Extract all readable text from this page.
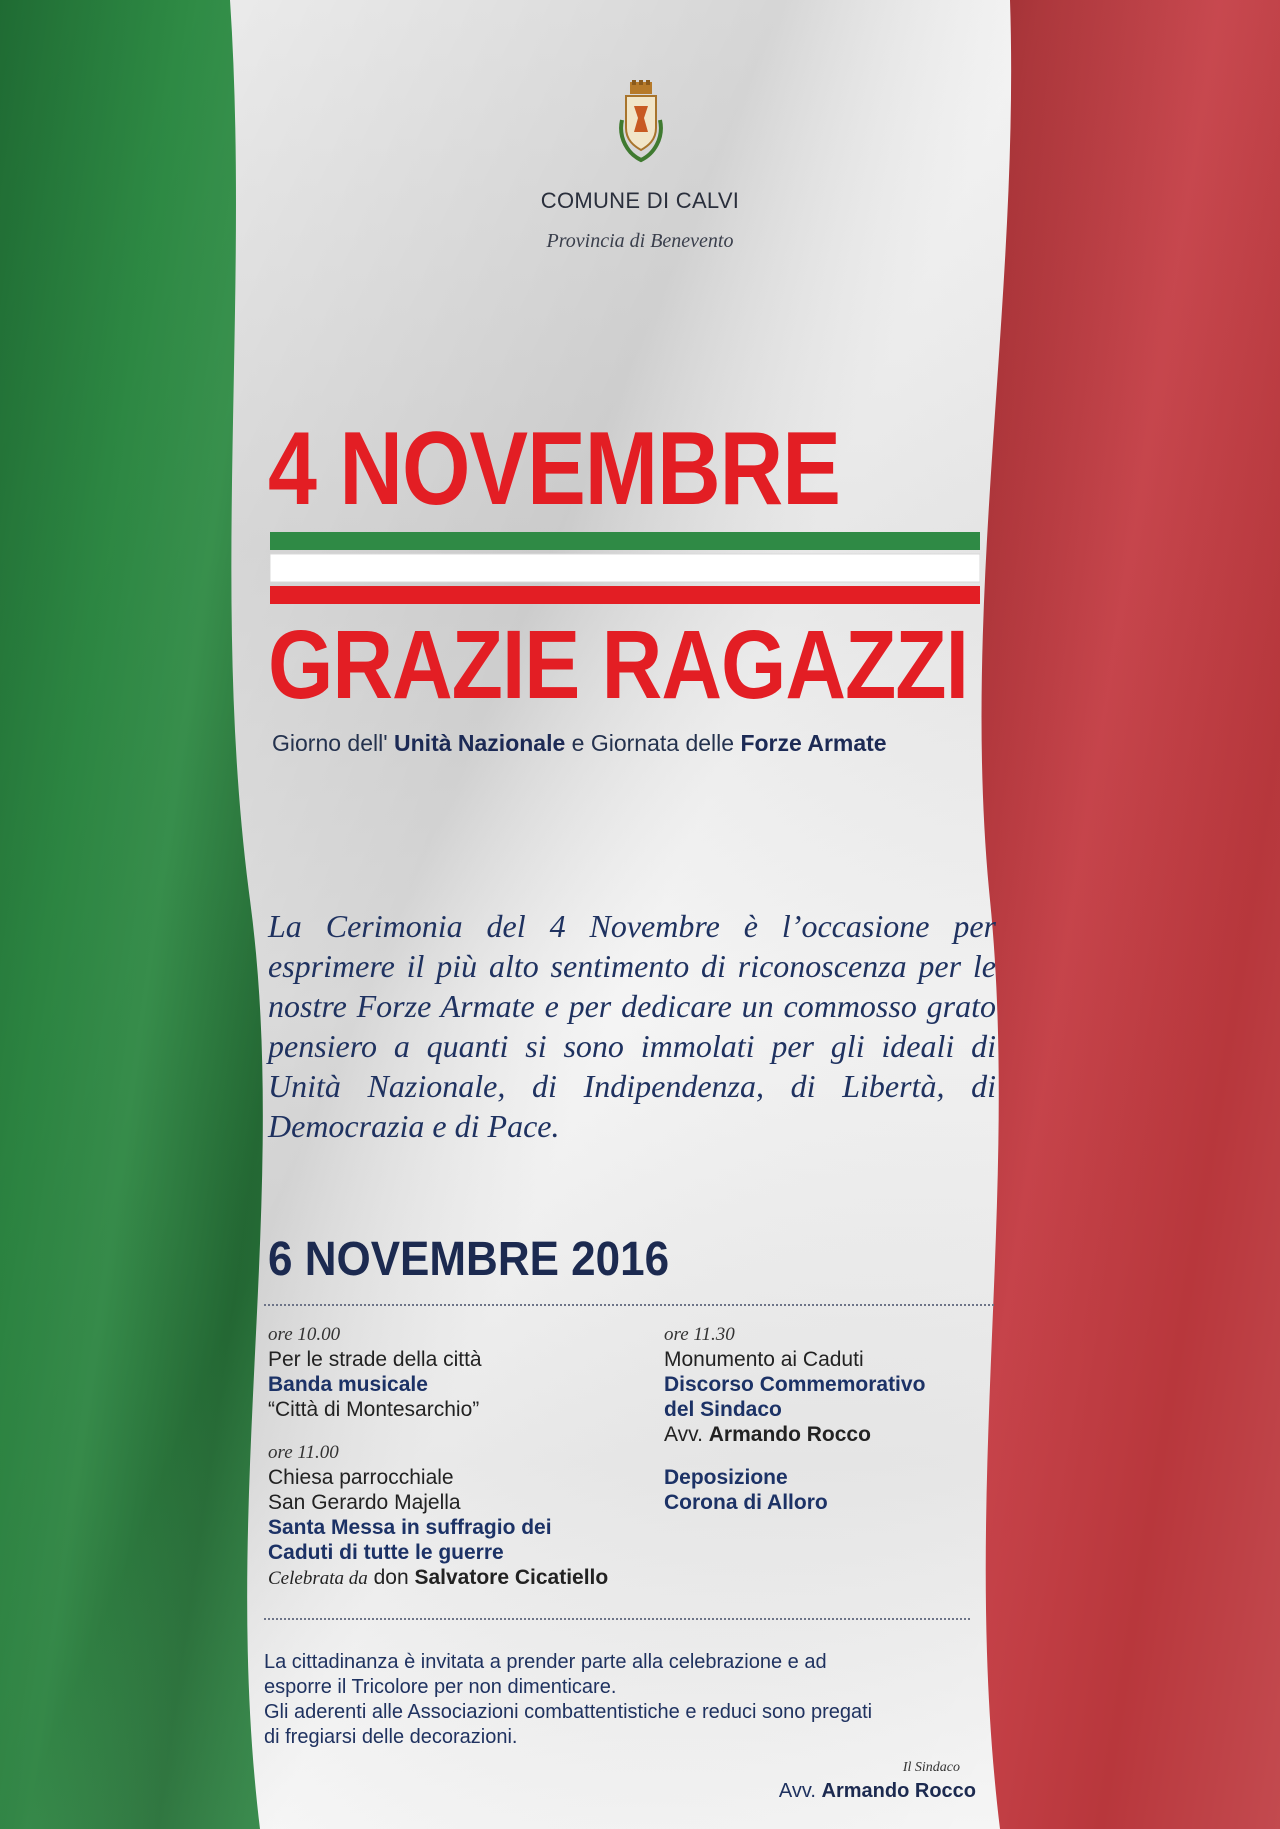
COMUNE DI CALVI
Provincia di Benevento
4 NOVEMBRE
GRAZIE RAGAZZI
Giorno dell' Unità Nazionale e Giornata delle Forze Armate
La Cerimonia del 4 Novembre è l’occasione per esprimere il più alto sentimento di riconoscenza per le nostre Forze Armate e per dedicare un commosso grato pensiero a quanti si sono immolati per gli ideali di Unità Nazionale, di Indipendenza, di Libertà, di Democrazia e di Pace.
6 NOVEMBRE 2016
ore 10.00
Per le strade della città
Banda musicale
“Città di Montesarchio”
ore 11.00
Chiesa parrocchiale
San Gerardo Majella
Santa Messa in suffragio dei
Caduti di tutte le guerre
Celebrata da don Salvatore Cicatiello
ore 11.30
Monumento ai Caduti
Discorso Commemorativo
del Sindaco
Avv. Armando Rocco
Deposizione
Corona di Alloro
La cittadinanza è invitata a prender parte alla celebrazione e ad
esporre il Tricolore per non dimenticare.
Gli aderenti alle Associazioni combattentistiche e reduci sono pregati
di fregiarsi delle decorazioni.
Il Sindaco
Avv. Armando Rocco
